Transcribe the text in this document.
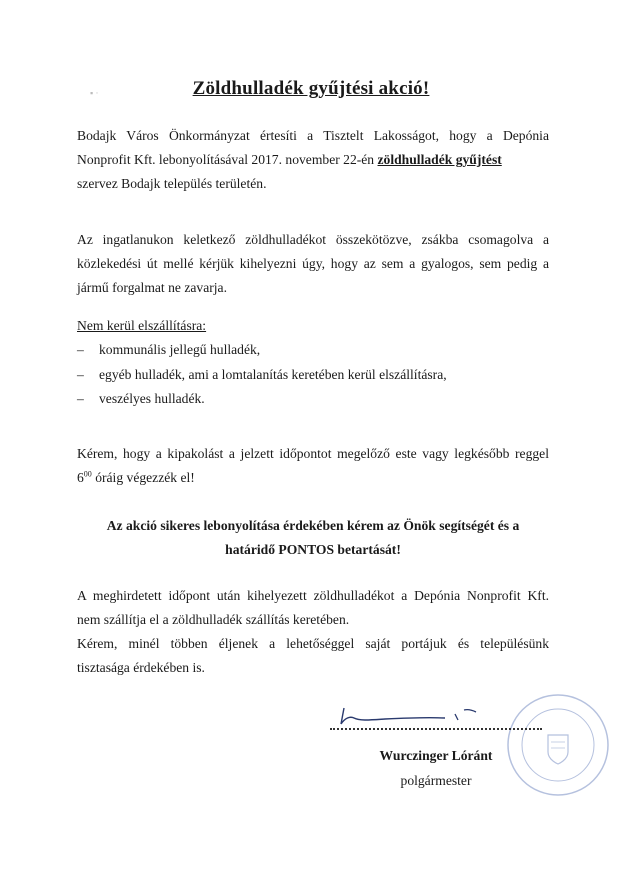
▪ ·	Zöldhulladék gyűjtési akció!
Bodajk Város Önkormányzat értesíti a Tisztelt Lakosságot, hogy a Depónia
Nonprofit Kft. lebonyolításával 2017. november 22-én zöldhulladék gyűjtést
szervez Bodajk település területén.
Az ingatlanukon keletkező zöldhulladékot összekötözve, zsákba csomagolva a
közlekedési út mellé kérjük kihelyezni úgy, hogy az sem a gyalogos, sem pedig a
jármű forgalmat ne zavarja.
Nem kerül elszállításra:
– kommunális jellegű hulladék,
– egyéb hulladék, ami a lomtalanítás keretében kerül elszállításra,
– veszélyes hulladék.
Kérem, hogy a kipakolást a jelzett időpontot megelőző este vagy legkésőbb reggel
$6^{00}$ óráig végezzék el!
Az akció sikeres lebonyolítása érdekében kérem az Önök segítségét és a
határidő PONTOS betartását!
A meghirdetett időpont után kihelyezett zöldhulladékot a Depónia Nonprofit Kft.
nem szállítja el a zöldhulladék szállítás keretében.
Kérem, minél többen éljenek a lehetőséggel saját portájuk és településünk
tisztasága érdekében is.
Wurczinger Lóránt
polgármester
